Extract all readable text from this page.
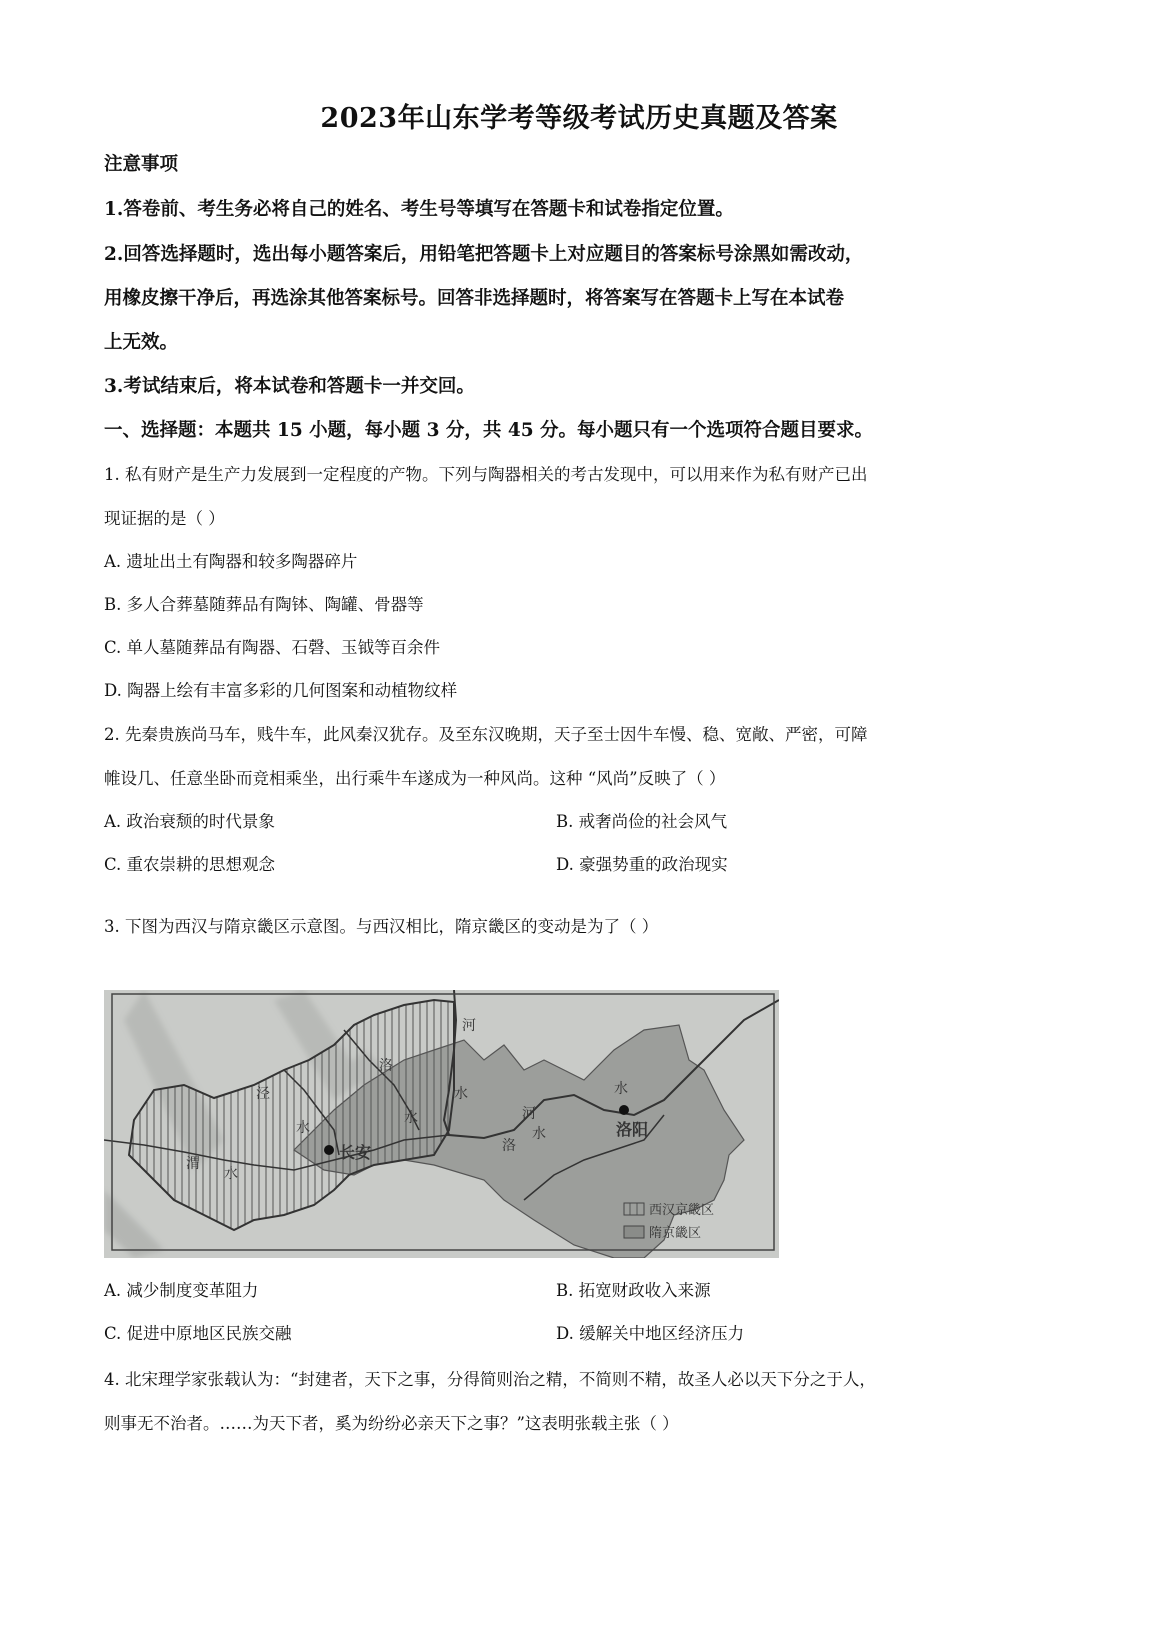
2023年山东学考等级考试历史真题及答案
注意事项
1.答卷前、考生务必将自己的姓名、考生号等填写在答题卡和试卷指定位置。
2.回答选择题时，选出每小题答案后，用铅笔把答题卡上对应题目的答案标号涂黑如需改动，
用橡皮擦干净后，再选涂其他答案标号。回答非选择题时，将答案写在答题卡上写在本试卷
上无效。
3.考试结束后，将本试卷和答题卡一并交回。
一、选择题：本题共 15 小题，每小题 3 分，共 45 分。每小题只有一个选项符合题目要求。
1. 私有财产是生产力发展到一定程度的产物。下列与陶器相关的考古发现中，可以用来作为私有财产已出
现证据的是（ ）
A. 遗址出土有陶器和较多陶器碎片
B. 多人合葬墓随葬品有陶钵、陶罐、骨器等
C. 单人墓随葬品有陶器、石磬、玉钺等百余件
D. 陶器上绘有丰富多彩的几何图案和动植物纹样
2. 先秦贵族尚马车，贱牛车，此风秦汉犹存。及至东汉晚期，天子至士因牛车慢、稳、宽敞、严密，可障
帷设几、任意坐卧而竞相乘坐，出行乘牛车遂成为一种风尚。这种 “风尚”反映了（ ）
A. 政治衰颓的时代景象	B. 戒奢尚俭的社会风气
C. 重农崇耕的思想观念	D. 豪强势重的政治现实
3. 下图为西汉与隋京畿区示意图。与西汉相比，隋京畿区的变动是为了（ ）
河
洛
水
泾
水
水	河
水
渭
水
长安	洛
水	洛阳
西汉京畿区
隋京畿区
A. 减少制度变革阻力	B. 拓宽财政收入来源
C. 促进中原地区民族交融	D. 缓解关中地区经济压力
4. 北宋理学家张载认为：“封建者，天下之事，分得简则治之精，不简则不精，故圣人必以天下分之于人，
则事无不治者。……为天下者，奚为纷纷必亲天下之事？”这表明张载主张（ ）
